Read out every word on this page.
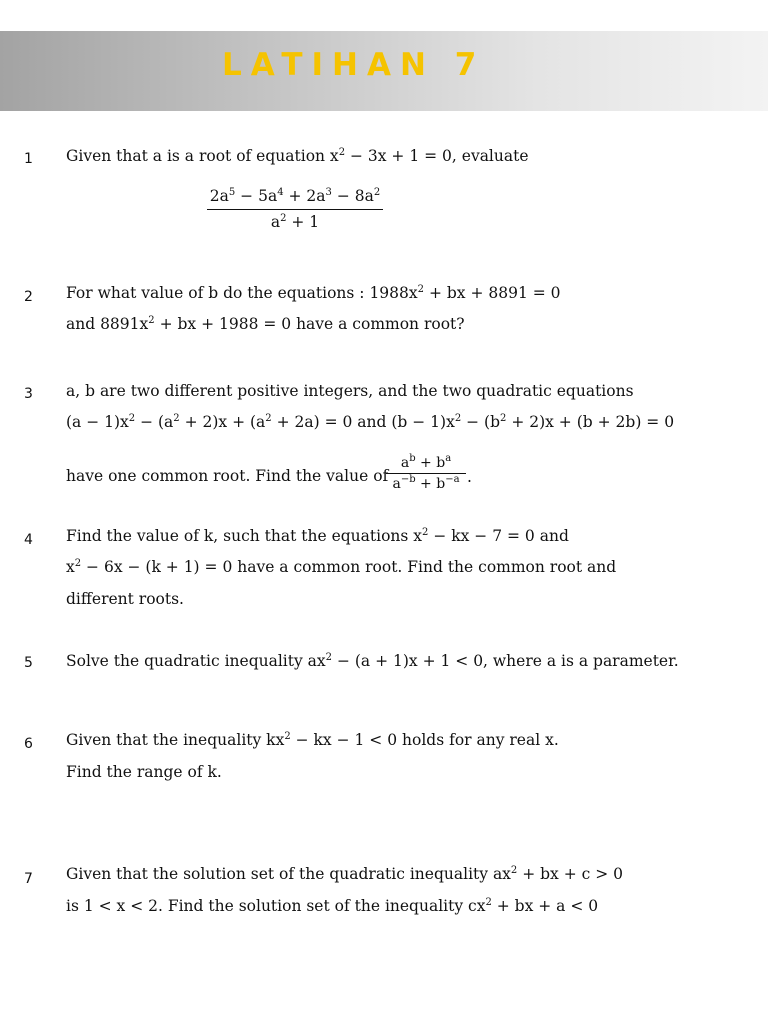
LATIHAN 7
1 Given that a is a root of equation $x^2 - 3x + 1 = 0$, evaluate
$\frac{2a^5 - 5a^4 + 2a^3 - 8a^2}{a^2 + 1}$
2 For what value of b do the equations : $1988x^2$ + bx + 8891 = 0
and $8891x^2$ + bx + 1988 = 0 have a common root?
3 a, b are two different positive integers, and the two quadratic equations
$(a - 1)x^2 - (a^2 + 2)x + (a^2 + 2a) = 0$ and $(b - 1)x^2 - (b^2 + 2)x + (b + 2b) = 0$
have one common root. Find the value of
$\frac{a^b + b^a}{a^{-b} + b^{-a}}$ .
4 Find the value of k, such that the equations $x^2$ − kx − 7 = 0 and
$x^2 - 6x - (k + 1) = 0$ have a common root. Find the common root and
different roots.
5 Solve the quadratic inequality $ax^2 - (a + 1)x + 1 < 0$, where a is a parameter.
6 Given that the inequality $kx^2$ − kx − 1 < 0 holds for any real x.
Find the range of k.
7 Given that the solution set of the quadratic inequality $ax^2$ + bx + c > 0
is 1 < x < 2. Find the solution set of the inequality $cx^2$ + bx + a < 0
